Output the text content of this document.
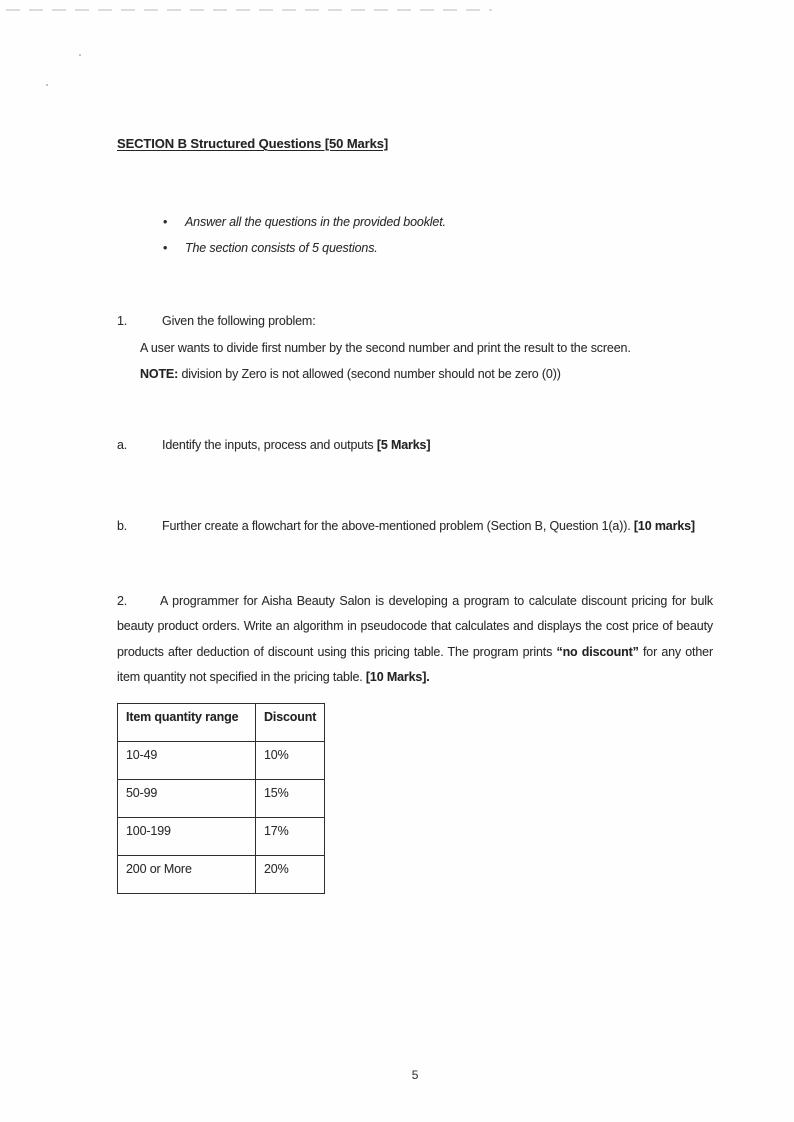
SECTION B Structured Questions [50 Marks]
• Answer all the questions in the provided booklet.
• The section consists of 5 questions.
1.	Given the following problem:
A user wants to divide first number by the second number and print the result to the screen.
NOTE: division by Zero is not allowed (second number should not be zero (0))
a.	Identify the inputs, process and outputs [5 Marks]
b.	Further create a flowchart for the above-mentioned problem (Section B, Question 1(a)). [10 marks]
2.	A programmer for Aisha Beauty Salon is developing a program to calculate discount pricing for bulk beauty product orders. Write an algorithm in pseudocode that calculates and displays the cost price of beauty products after deduction of discount using this pricing table. The program prints “no discount” for any other item quantity not specified in the pricing table. [10 Marks].
Item quantity range	Discount
10-49	10%
50-99	15%
100-199	17%
200 or More	20%
5
